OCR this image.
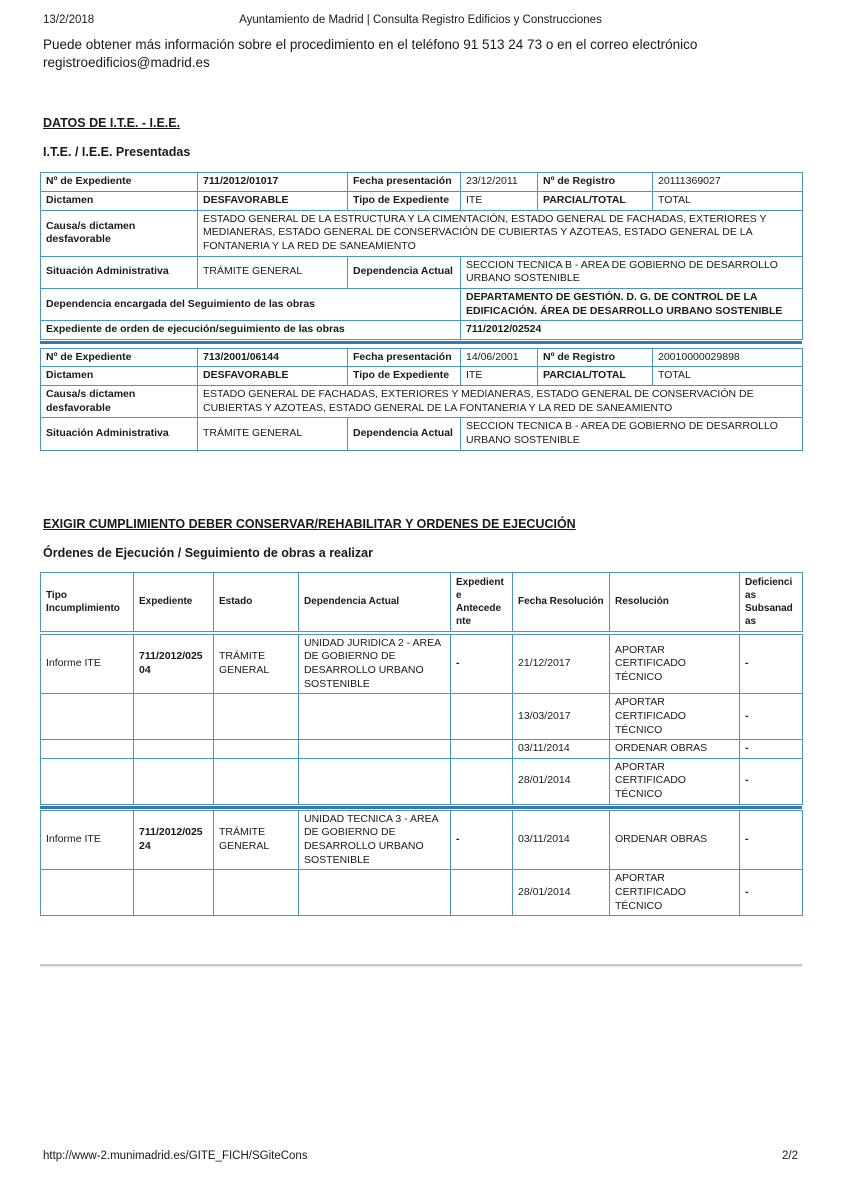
13/2/2018	Ayuntamiento de Madrid | Consulta Registro Edificios y Construcciones

Puede obtener más información sobre el procedimiento en el teléfono 91 513 24 73 o en el correo electrónico registroedificios@madrid.es

DATOS DE I.T.E. - I.E.E.
I.T.E. / I.E.E. Presentadas
Nº de Expediente	711/2012/01017	Fecha presentación	23/12/2011	Nº de Registro	20111369027
Dictamen	DESFAVORABLE	Tipo de Expediente	ITE	PARCIAL/TOTAL	TOTAL
Causa/s dictamen desfavorable	ESTADO GENERAL DE LA ESTRUCTURA Y LA CIMENTACIÓN, ESTADO GENERAL DE FACHADAS, EXTERIORES Y MEDIANERAS, ESTADO GENERAL DE CONSERVACIÓN DE CUBIERTAS Y AZOTEAS, ESTADO GENERAL DE LA FONTANERIA Y LA RED DE SANEAMIENTO				
Situación Administrativa	TRÁMITE GENERAL	Dependencia Actual	SECCION TECNICA B - AREA DE GOBIERNO DE DESARROLLO URBANO SOSTENIBLE		
Dependencia encargada del Seguimiento de las obras			DEPARTAMENTO DE GESTIÓN. D. G. DE CONTROL DE LA EDIFICACIÓN. ÁREA DE DESARROLLO URBANO SOSTENIBLE		
Expediente de orden de ejecución/seguimiento de las obras			711/2012/02524		
Nº de Expediente	713/2001/06144	Fecha presentación	14/06/2001	Nº de Registro	20010000029898
Dictamen	DESFAVORABLE	Tipo de Expediente	ITE	PARCIAL/TOTAL	TOTAL
Causa/s dictamen desfavorable	ESTADO GENERAL DE FACHADAS, EXTERIORES Y MEDIANERAS, ESTADO GENERAL DE CONSERVACIÓN DE CUBIERTAS Y AZOTEAS, ESTADO GENERAL DE LA FONTANERIA Y LA RED DE SANEAMIENTO				
Situación Administrativa	TRÁMITE GENERAL	Dependencia Actual	SECCION TECNICA B - AREA DE GOBIERNO DE DESARROLLO URBANO SOSTENIBLE		
EXIGIR CUMPLIMIENTO DEBER CONSERVAR/REHABILITAR Y ORDENES DE EJECUCIÓN
Órdenes de Ejecución / Seguimiento de obras a realizar
Tipo Incumplimiento	Expediente	Estado	Dependencia Actual	Expediente Antecedente	Fecha Resolución	Resolución	Deficiencias Subsanadas
Informe ITE	711/2012/02504	TRÁMITE GENERAL	UNIDAD JURIDICA 2 - AREA DE GOBIERNO DE DESARROLLO URBANO SOSTENIBLE	-	21/12/2017	APORTAR CERTIFICADO TÉCNICO	-
					13/03/2017	APORTAR CERTIFICADO TÉCNICO	-
					03/11/2014	ORDENAR OBRAS	-
					28/01/2014	APORTAR CERTIFICADO TÉCNICO	-
Informe ITE	711/2012/02524	TRÁMITE GENERAL	UNIDAD TECNICA 3 - AREA DE GOBIERNO DE DESARROLLO URBANO SOSTENIBLE	-	03/11/2014	ORDENAR OBRAS	-
					28/01/2014	APORTAR CERTIFICADO TÉCNICO	-
http://www-2.munimadrid.es/GITE_FICH/SGiteCons	2/2
